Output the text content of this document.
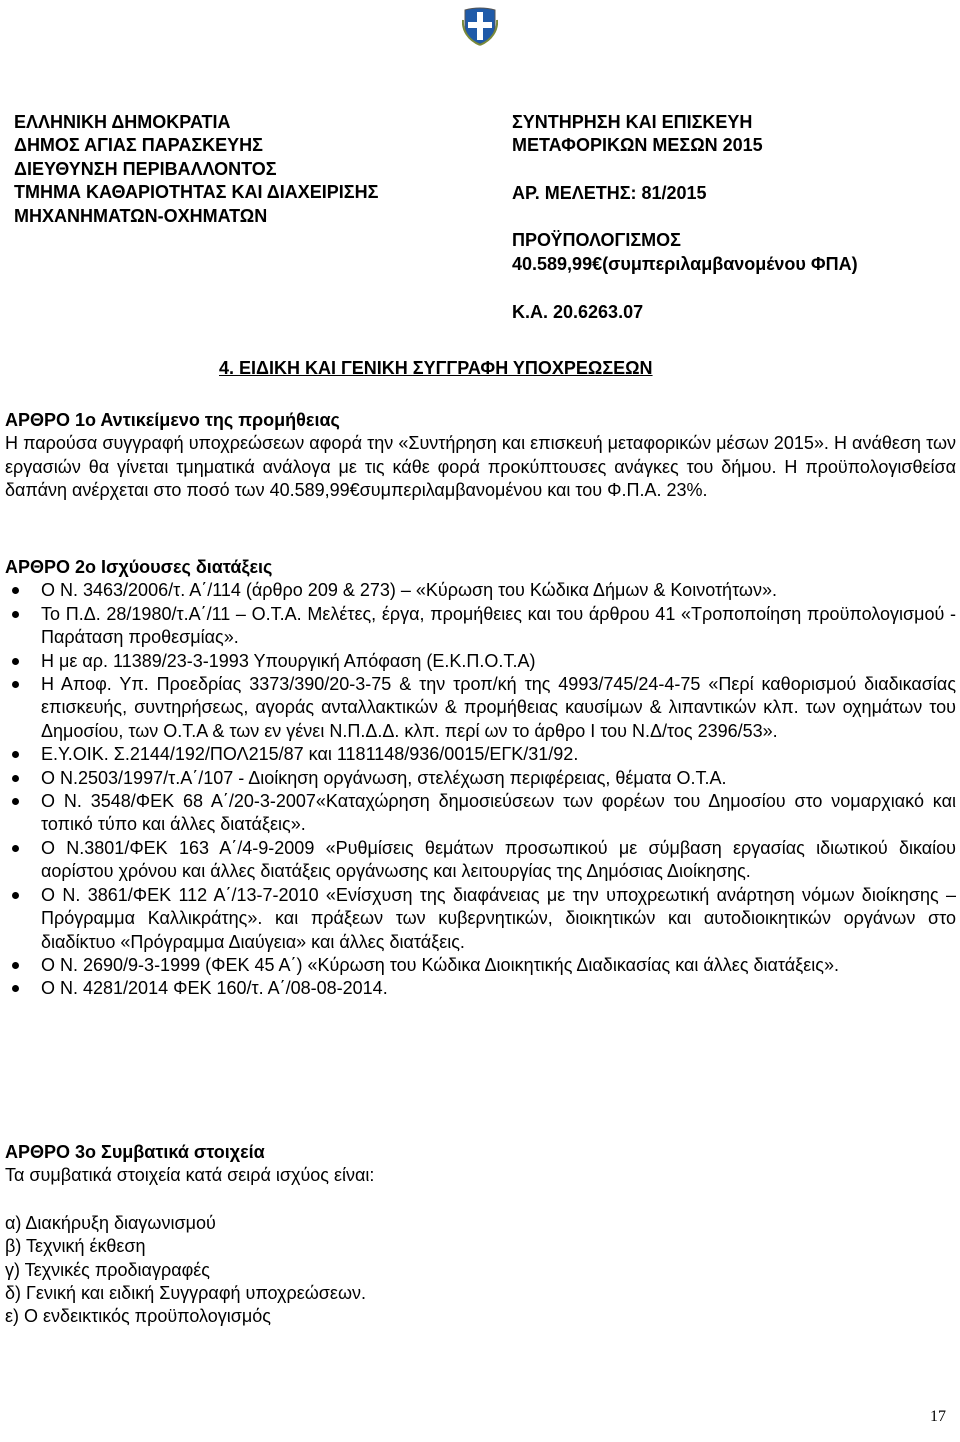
ΕΛΛΗΝΙΚΗ ΔΗΜΟΚΡΑΤΙΑ
ΔΗΜΟΣ ΑΓΙΑΣ ΠΑΡΑΣΚΕΥΗΣ
ΔΙΕΥΘΥΝΣΗ ΠΕΡΙΒΑΛΛΟΝΤΟΣ
ΤΜΗΜΑ ΚΑΘΑΡΙΟΤΗΤΑΣ ΚΑΙ ΔΙΑΧΕΙΡΙΣΗΣ
ΜΗΧΑΝΗΜΑΤΩΝ-ΟΧΗΜΑΤΩΝ
ΣΥΝΤΗΡΗΣΗ ΚΑΙ ΕΠΙΣΚΕΥΗ
ΜΕΤΑΦΟΡΙΚΩΝ ΜΕΣΩΝ 2015
ΑΡ. ΜΕΛΕΤΗΣ: 81/2015
ΠΡΟΫΠΟΛΟΓΙΣΜΟΣ
40.589,99€(συμπεριλαμβανομένου ΦΠΑ)
Κ.Α. 20.6263.07
4. ΕΙΔΙΚΗ ΚΑΙ ΓΕΝΙΚΗ ΣΥΓΓΡΑΦΗ ΥΠΟΧΡΕΩΣΕΩΝ
ΑΡΘΡΟ 1ο Αντικείμενο της προμήθειας
Η παρούσα συγγραφή υποχρεώσεων αφορά την «Συντήρηση και επισκευή μεταφορικών μέσων 2015». Η ανάθεση των εργασιών θα γίνεται τμηματικά ανάλογα με τις κάθε φορά προκύπτουσες ανάγκες του δήμου. Η προϋπολογισθείσα δαπάνη ανέρχεται στο ποσό των 40.589,99€συμπεριλαμβανομένου και του Φ.Π.Α. 23%.
ΑΡΘΡΟ 2ο Ισχύουσες διατάξεις
Ο Ν. 3463/2006/τ. Α΄/114 (άρθρο 209 & 273) – «Κύρωση του Κώδικα Δήμων & Κοινοτήτων».
Το Π.Δ. 28/1980/τ.Α΄/11 – Ο.Τ.Α. Μελέτες, έργα, προμήθειες και του άρθρου 41 «Τροποποίηση προϋπολογισμού - Παράταση προθεσμίας».
Η με αρ. 11389/23-3-1993 Υπουργική Απόφαση (Ε.Κ.Π.Ο.Τ.Α)
Η Αποφ. Υπ. Προεδρίας 3373/390/20-3-75 & την τροπ/κή της 4993/745/24-4-75 «Περί καθορισμού διαδικασίας επισκευής, συντηρήσεως, αγοράς ανταλλακτικών & προμήθειας καυσίμων & λιπαντικών κλπ. των οχημάτων του Δημοσίου, των Ο.Τ.Α & των εν γένει Ν.Π.Δ.Δ. κλπ. περί ων το άρθρο Ι του Ν.Δ/τος 2396/53».
Ε.Υ.ΟΙΚ. Σ.2144/192/ΠΟΛ215/87 και 1181148/936/0015/ΕΓΚ/31/92.
Ο Ν.2503/1997/τ.Α΄/107 - Διοίκηση οργάνωση, στελέχωση περιφέρειας, θέματα Ο.Τ.Α.
Ο Ν. 3548/ΦΕΚ 68 Α΄/20-3-2007«Καταχώρηση δημοσιεύσεων των φορέων του Δημοσίου στο νομαρχιακό και τοπικό τύπο και άλλες διατάξεις».
Ο Ν.3801/ΦΕΚ 163 Α΄/4-9-2009 «Ρυθμίσεις θεμάτων προσωπικού με σύμβαση εργασίας ιδιωτικού δικαίου αορίστου χρόνου και άλλες διατάξεις οργάνωσης και λειτουργίας της Δημόσιας Διοίκησης.
Ο Ν. 3861/ΦΕΚ 112 Α΄/13-7-2010 «Ενίσχυση της διαφάνειας με την υποχρεωτική ανάρτηση νόμων διοίκησης – Πρόγραμμα Καλλικράτης». και πράξεων των κυβερνητικών, διοικητικών και αυτοδιοικητικών οργάνων στο διαδίκτυο «Πρόγραμμα Διαύγεια» και άλλες διατάξεις.
Ο Ν. 2690/9-3-1999 (ΦΕΚ 45 Α΄) «Κύρωση του Κώδικα Διοικητικής Διαδικασίας και άλλες διατάξεις».
Ο Ν. 4281/2014 ΦΕΚ 160/τ. Α΄/08-08-2014.
ΑΡΘΡΟ 3ο Συμβατικά στοιχεία
Τα συμβατικά στοιχεία κατά σειρά ισχύος είναι:
α) Διακήρυξη διαγωνισμού
β) Τεχνική έκθεση
γ) Τεχνικές προδιαγραφές
δ) Γενική και ειδική Συγγραφή υποχρεώσεων.
ε) Ο ενδεικτικός προϋπολογισμός
17
